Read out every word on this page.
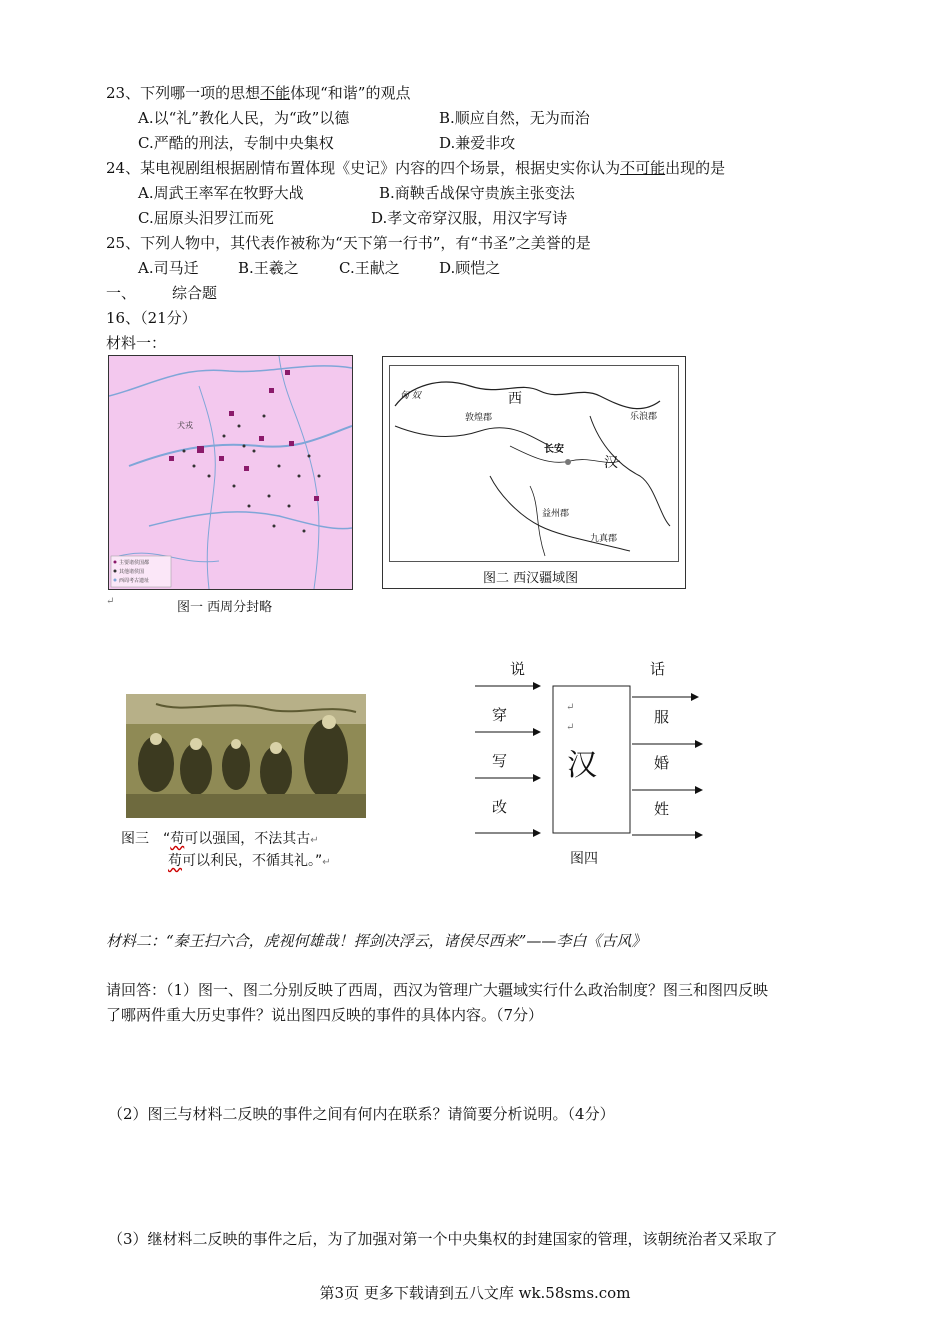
23、下列哪一项的思想不能体现“和谐”的观点
A.以“礼”教化人民，为“政”以德	B.顺应自然，无为而治
C.严酷的刑法，专制中央集权	D.兼爱非攻
24、某电视剧组根据剧情布置体现《史记》内容的四个场景，根据史实你认为不可能出现的是
A.周武王率军在牧野大战	B.商鞅舌战保守贵族主张变法
C.屈原头汨罗江而死	D.孝文帝穿汉服，用汉字写诗
25、下列人物中，其代表作被称为“天下第一行书”，有“书圣”之美誉的是
A.司马迁	B.王羲之	C.王献之	D.顾恺之
一、 综合题
16、（21分）
材料一：
犬戎
主要诸侯国都
其他诸侯国
西周考古遗址
↵	图一 西周分封略
匈 奴	西
敦煌郡
长安
汉
乐浪郡
益州郡
九真郡
图二 西汉疆域图
图三 “苟可以强国，不法其古↵
苟可以利民，不循其礼。”↵
说
穿
写
改
汉
↵
↵
话
服
婚
姓
图四
材料二：“秦王扫六合，虎视何雄哉！挥剑决浮云，诸侯尽西来”——李白《古风》
请回答：（1）图一、图二分别反映了西周，西汉为管理广大疆域实行什么政治制度？图三和图四反映
了哪两件重大历史事件？说出图四反映的事件的具体内容。（7分）
（2）图三与材料二反映的事件之间有何内在联系？请简要分析说明。（4分）
（3）继材料二反映的事件之后，为了加强对第一个中央集权的封建国家的管理，该朝统治者又采取了
第3页 更多下载请到五八文库 wk.58sms.com
